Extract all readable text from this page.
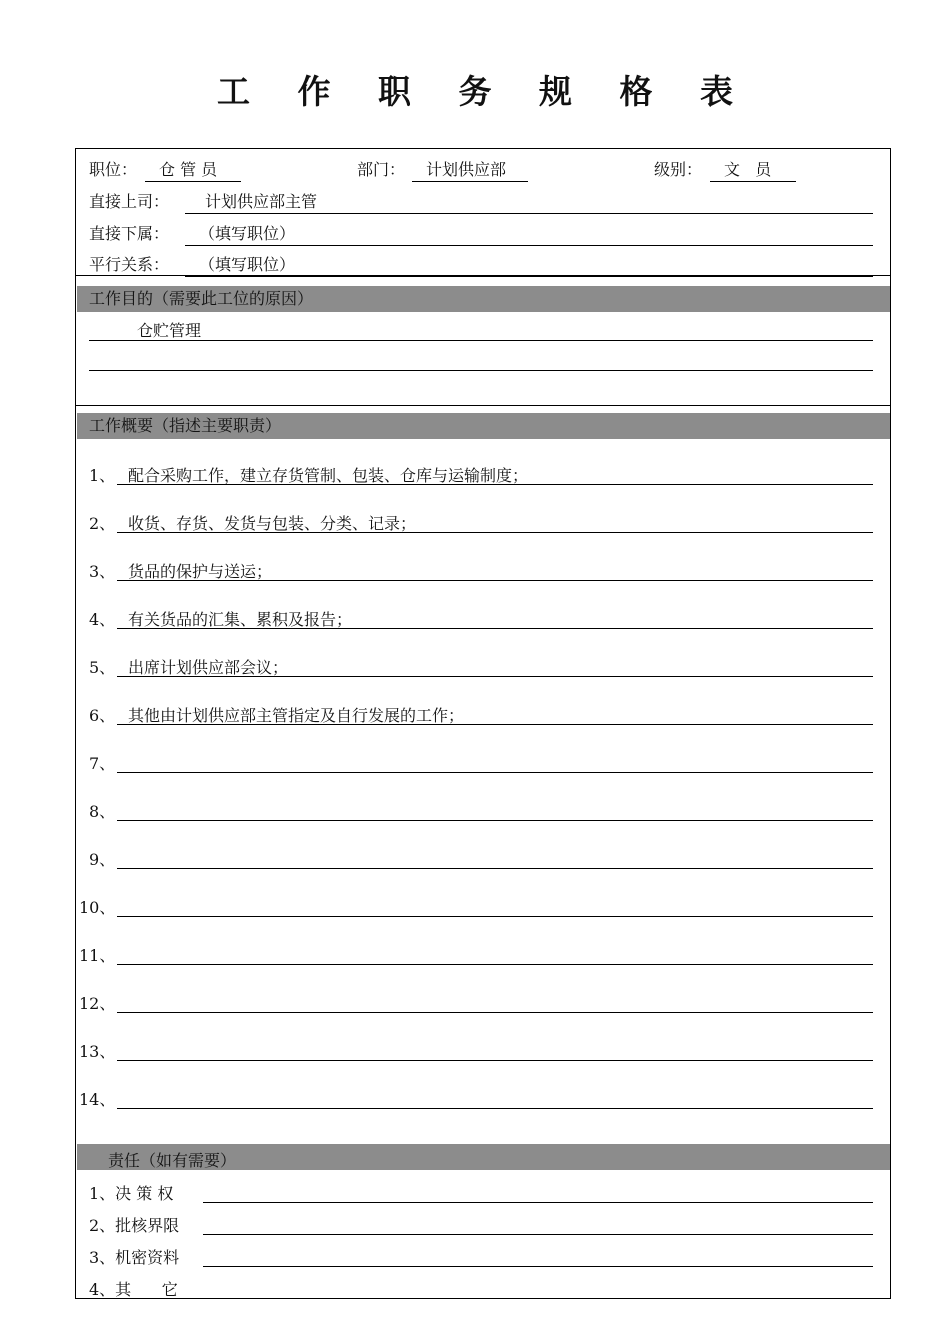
工 作 职 务 规 格 表
职位：	仓 管 员	部门：	计划供应部	级别：	文   员
直接上司：	计划供应部主管
直接下属：	（填写职位）
平行关系：	（填写职位）
工作目的（需要此工位的原因）
仓贮管理
工作概要（指述主要职责）
1、 配合采购工作，建立存货管制、包装、仓库与运输制度；
2、 收货、存货、发货与包装、分类、记录；
3、 货品的保护与送运；
4、 有关货品的汇集、累积及报告；
5、 出席计划供应部会议；
6、 其他由计划供应部主管指定及自行发展的工作；
7、
8、
9、
10、
11、
12、
13、
14、
责任（如有需要）
1、决 策 权
2、批核界限
3、机密资料
4、其      它
